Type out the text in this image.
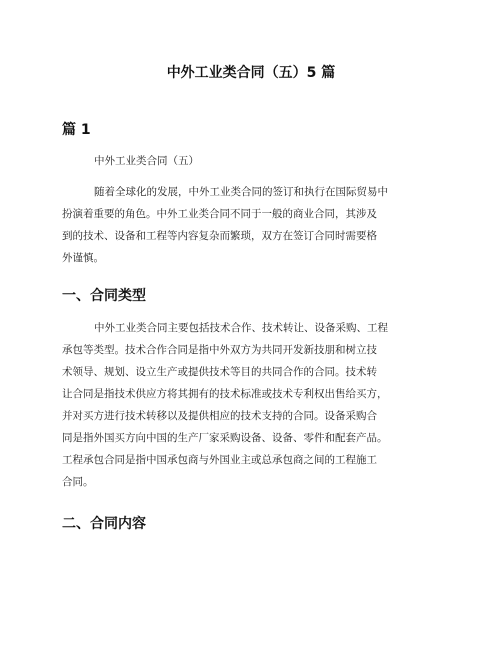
中外工业类合同（五）5 篇
篇 1
中外工业类合同（五）
随着全球化的发展，中外工业类合同的签订和执行在国际贸易中
扮演着重要的角色。中外工业类合同不同于一般的商业合同，其涉及
到的技术、设备和工程等内容复杂而繁琐，双方在签订合同时需要格
外谨慎。
一、合同类型
中外工业类合同主要包括技术合作、技术转让、设备采购、工程
承包等类型。技术合作合同是指中外双方为共同开发新技朋和树立技
术领导、规划、设立生产或提供技术等目的共同合作的合同。技术转
让合同是指技术供应方将其拥有的技术标准或技术专利权出售给买方，
并对买方进行技术转移以及提供相应的技术支持的合同。设备采购合
同是指外国买方向中国的生产厂家采购设备、设备、零件和配套产品。
工程承包合同是指中国承包商与外国业主或总承包商之间的工程施工
合同。
二、合同内容
